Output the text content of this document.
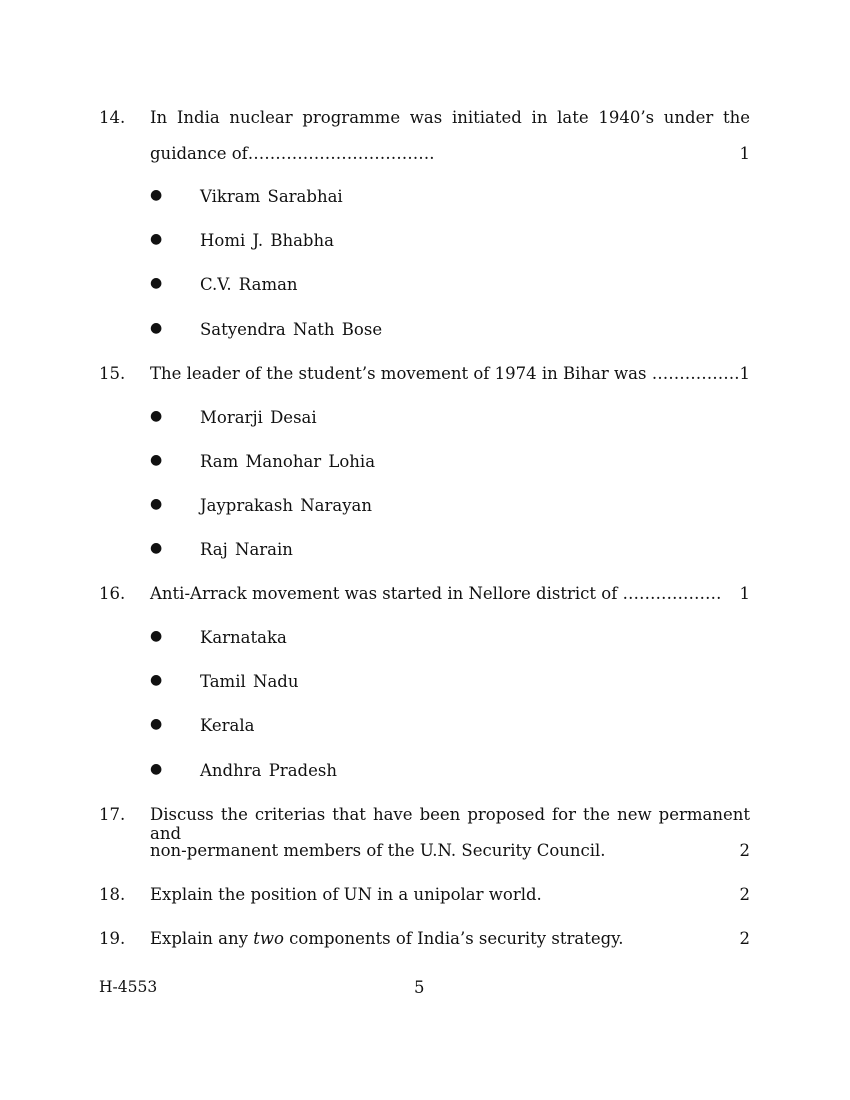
14. In India nuclear programme was initiated in late 1940’s under the
guidance of…………………………….	1
● Vikram Sarabhai
● Homi J. Bhabha
● C.V. Raman
● Satyendra Nath Bose
15. The leader of the student’s movement of 1974 in Bihar was ……………. 1
● Morarji Desai
● Ram Manohar Lohia
● Jayprakash Narayan
● Raj Narain
16. Anti-Arrack movement was started in Nellore district of ……………… 1
● Karnataka
● Tamil Nadu
● Kerala
● Andhra Pradesh
17. Discuss the criterias that have been proposed for the new permanent and
non-permanent members of the U.N. Security Council.	2
18. Explain the position of UN in a unipolar world.	2
19. Explain any two components of India’s security strategy.	2
H-4553	5
